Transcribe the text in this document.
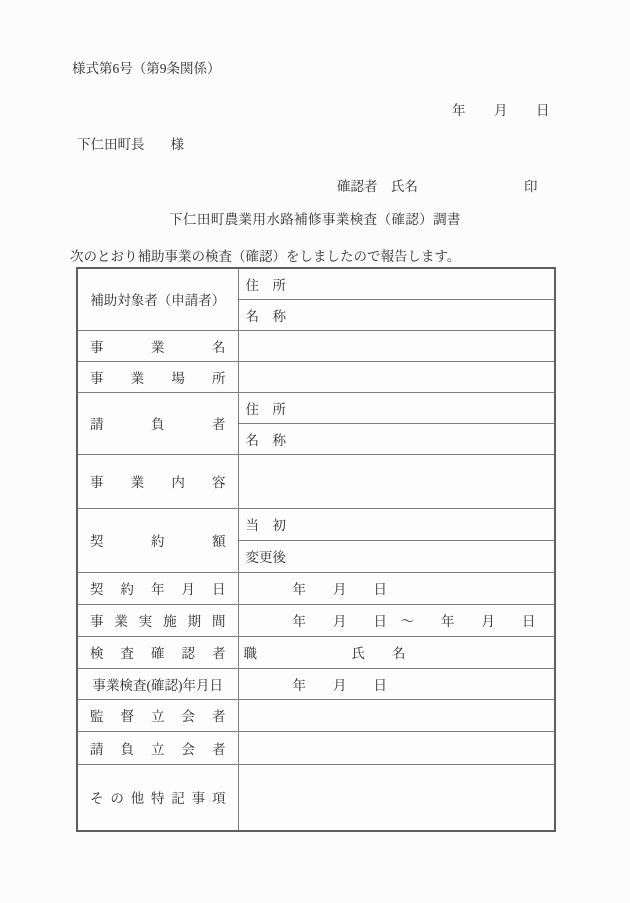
様式第6号（第9条関係）
年　　月　　日
下仁田町長 様
確認者　氏名	印
下仁田町農業用水路補修事業検査（確認）調書
次のとおり補助事業の検査（確認）をしましたので報告します。
補助対象者（申請者）	住　所
	名　称

事 業 名	

事 業 場 所	

請 負 者	住　所
	名　称

事 業 内 容	

契 約 額	当　初
	変更後

契 約 年 月 日	年　　月　　日

事 業 実 施 期 間	年　　月　　日　～　　年　　月　　日

検 査 確 認 者	職　　　　　　　氏　　名
事業検査(確認)年月日	年　　月　　日

監 督 立 会 者	

請 負 立 会 者	

そ の 他 特 記 事 項
